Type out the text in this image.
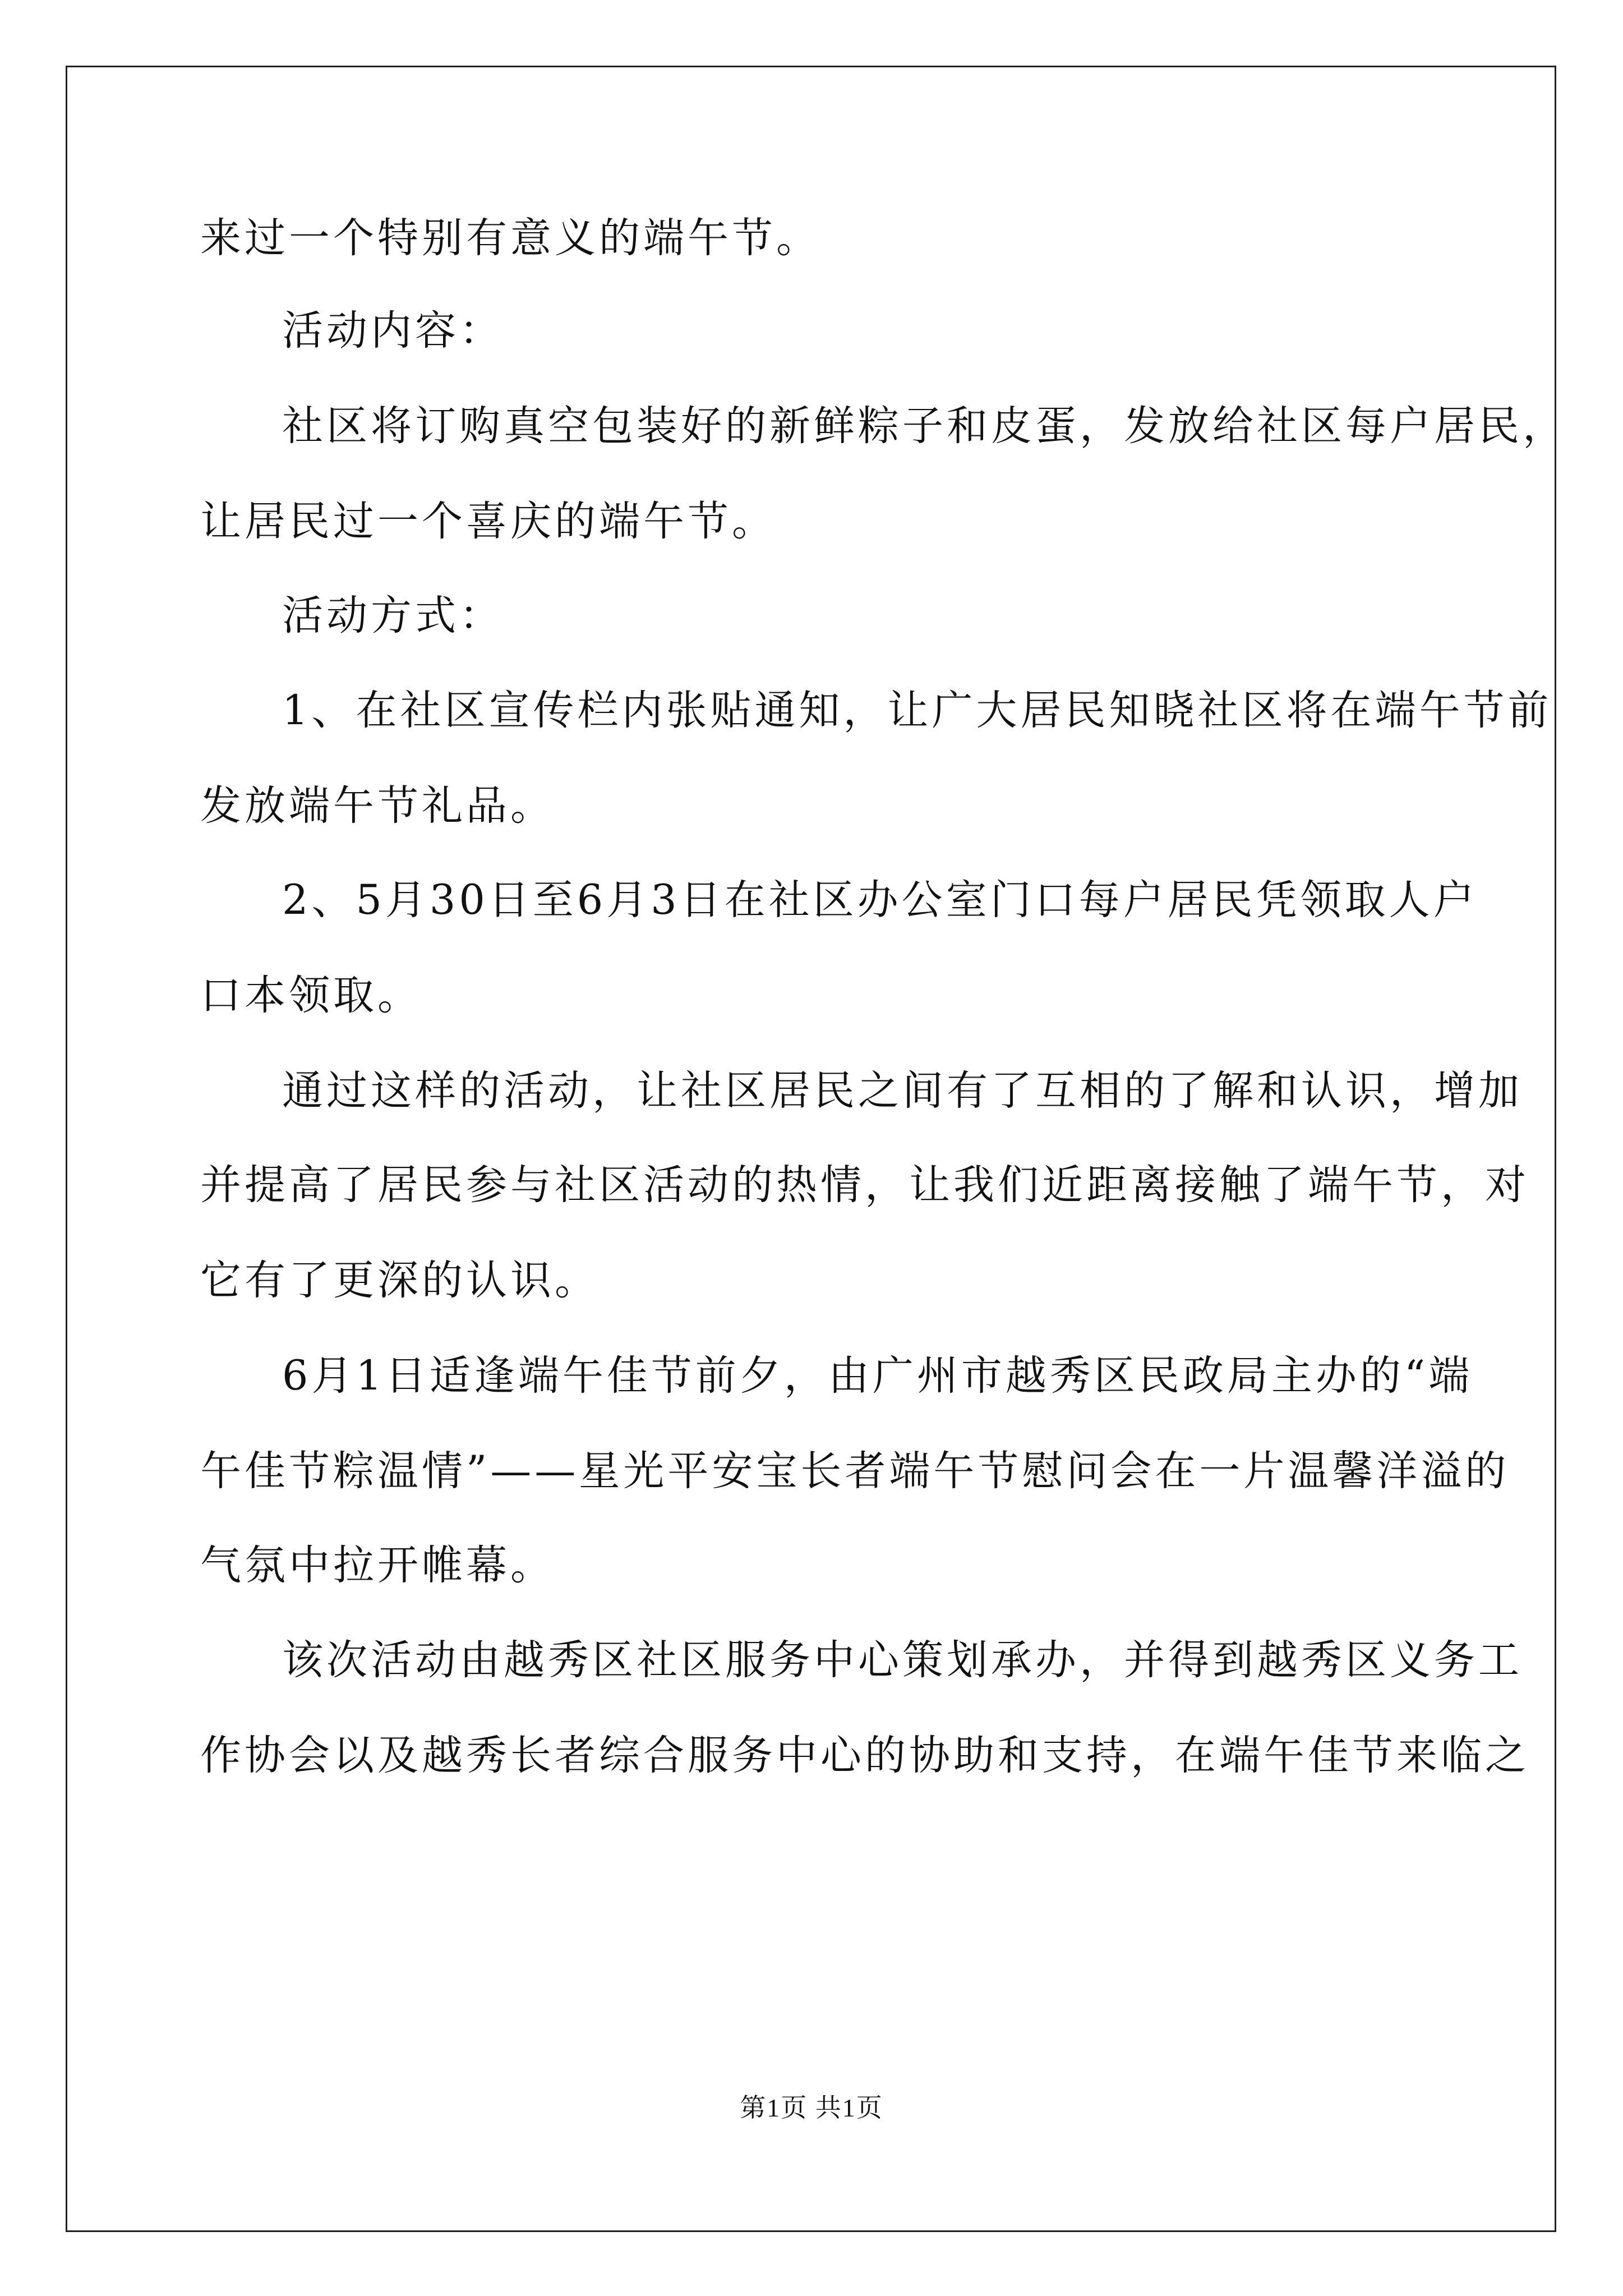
来过一个特别有意义的端午节。
活动内容：
社区将订购真空包装好的新鲜粽子和皮蛋，发放给社区每户居民，
让居民过一个喜庆的端午节。
活动方式：
1、在社区宣传栏内张贴通知，让广大居民知晓社区将在端午节前
发放端午节礼品。
2、5月30日至6月3日在社区办公室门口每户居民凭领取人户
口本领取。
通过这样的活动，让社区居民之间有了互相的了解和认识，增加
并提高了居民参与社区活动的热情，让我们近距离接触了端午节，对
它有了更深的认识。
6月1日适逢端午佳节前夕，由广州市越秀区民政局主办的“端
午佳节粽温情”——星光平安宝长者端午节慰问会在一片温馨洋溢的
气氛中拉开帷幕。
该次活动由越秀区社区服务中心策划承办，并得到越秀区义务工
作协会以及越秀长者综合服务中心的协助和支持，在端午佳节来临之
第1页 共1页
